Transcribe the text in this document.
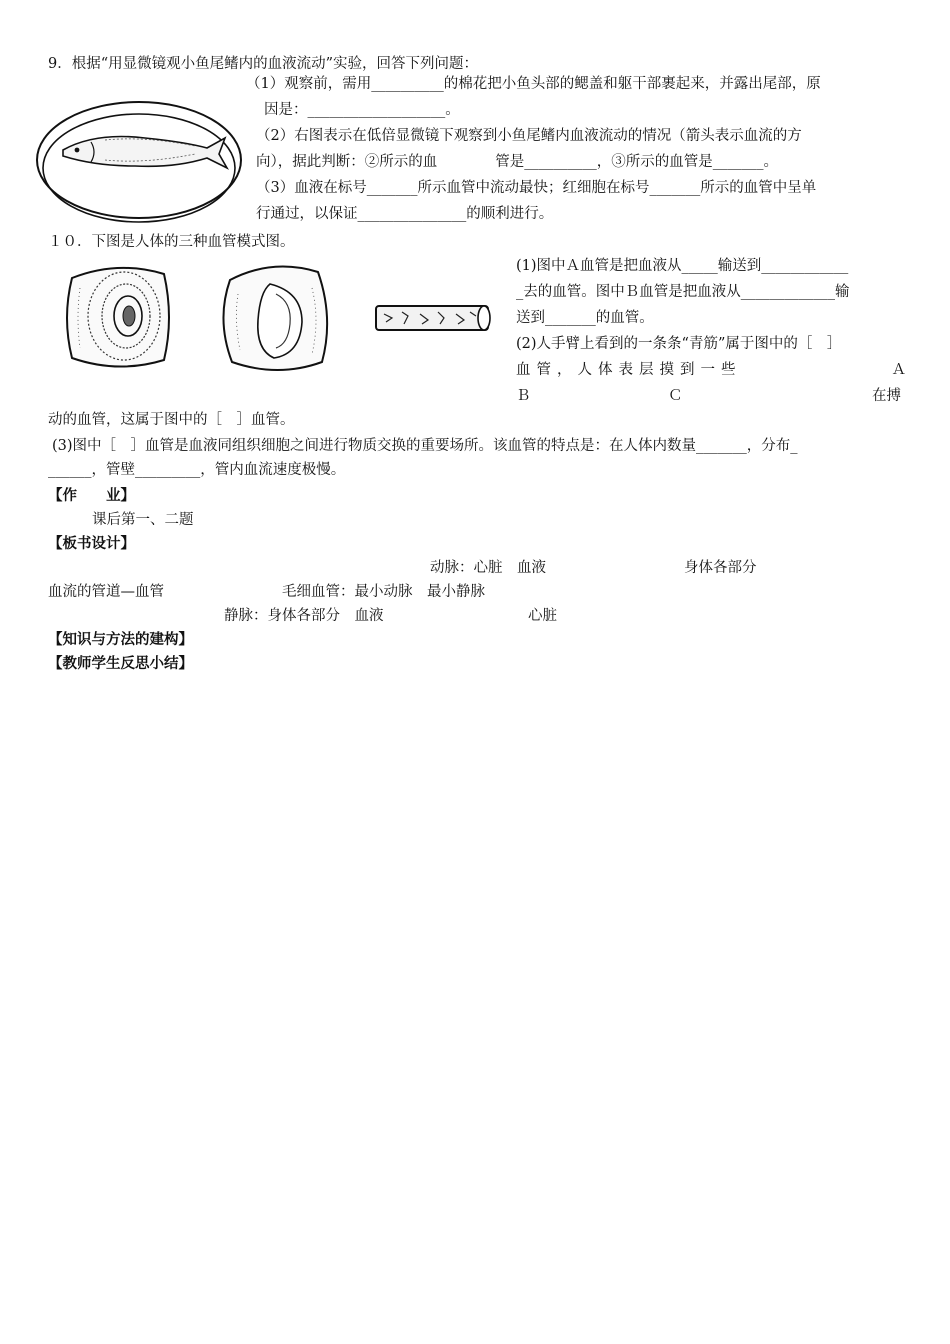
9．根据“用显微镜观小鱼尾鳍内的血液流动”实验，回答下列问题：
（1）观察前，需用__________的棉花把小鱼头部的鳃盖和躯干部裹起来，并露出尾部，原
因是：___________________。
（2）右图表示在低倍显微镜下观察到小鱼尾鳍内血液流动的情况（箭头表示血流的方
向），据此判断：②所示的血　　　　管是__________，③所示的血管是_______。
（3）血液在标号_______所示血管中流动最快；红细胞在标号_______所示的血管中呈单
行通过，以保证_______________的顺利进行。
１０．下图是人体的三种血管模式图。
(1)图中Ａ血管是把血液从_____输送到____________
_去的血管。图中Ｂ血管是把血液从_____________输
送到_______的血管。
(2)人手臂上看到的一条条“青筋”属于图中的［　］
血管，人体表层摸到一些	Ａ
Ｂ	Ｃ	在搏
动的血管，这属于图中的［　］血管。
(3)图中［　］血管是血液同组织细胞之间进行物质交换的重要场所。该血管的特点是：在人体内数量_______，分布_
______，管壁_________，管内血流速度极慢。
【作　　业】
课后第一、二题
【板书设计】
动脉：心脏　血液	身体各部分
血流的管道—血管	毛细血管：最小动脉　最小静脉
静脉：身体各部分　血液	心脏
【知识与方法的建构】
【教师学生反思小结】
